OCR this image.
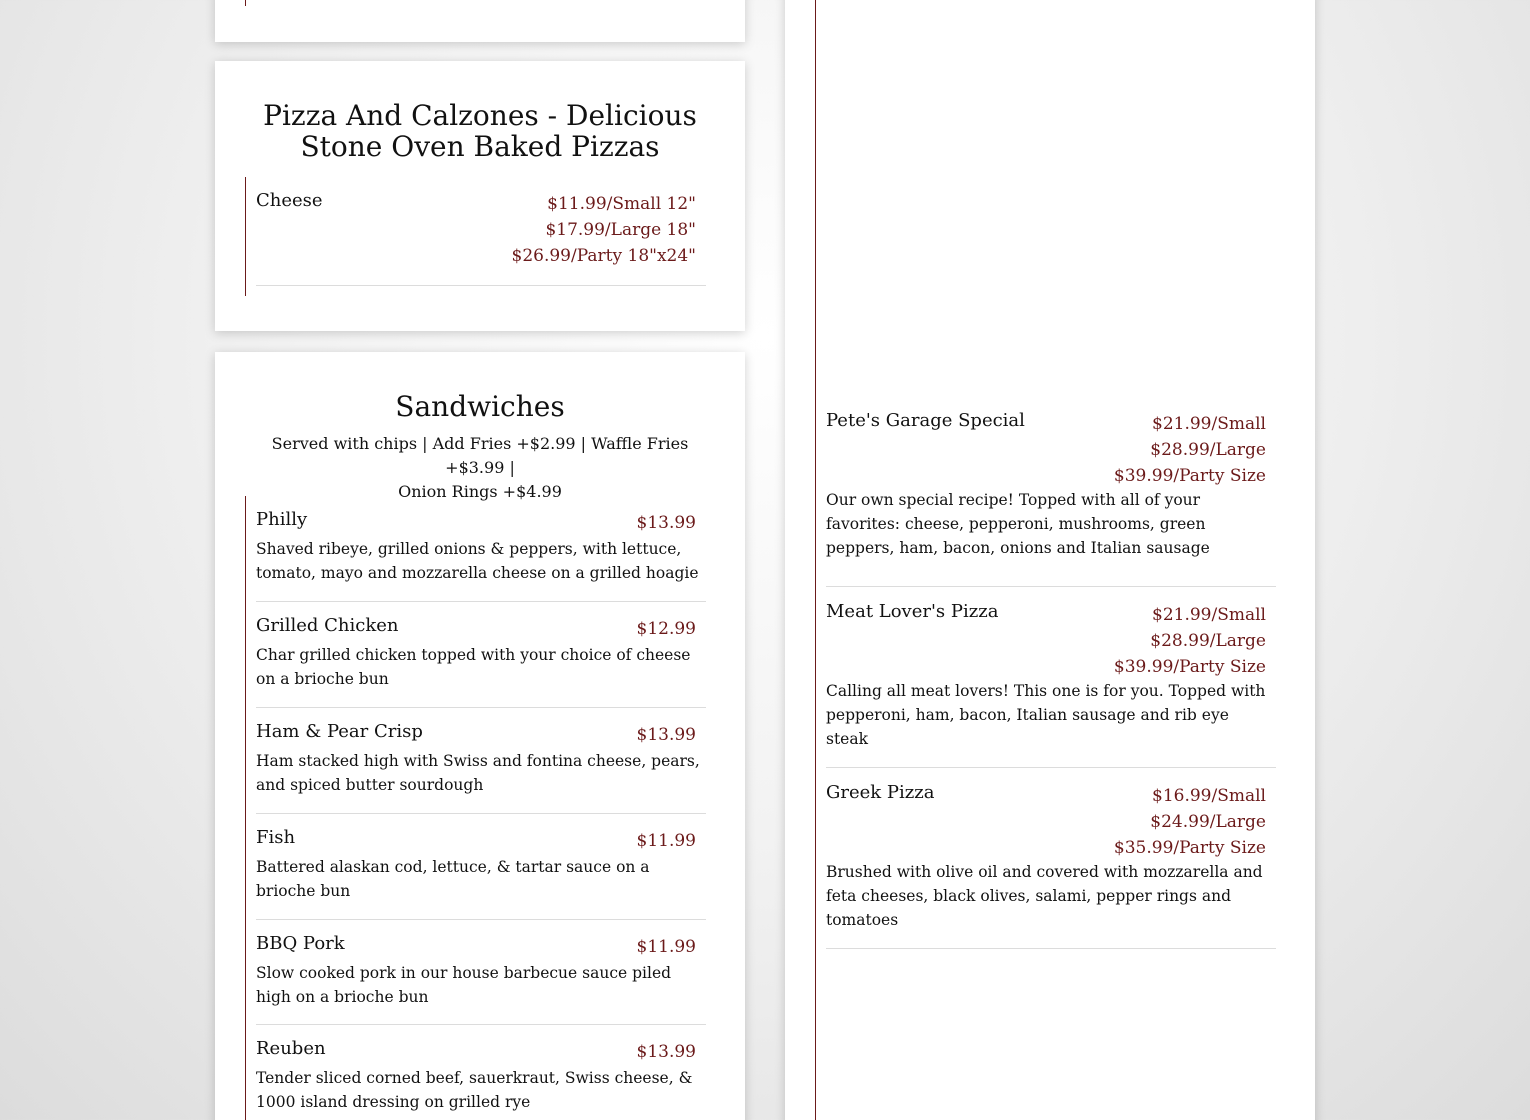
Pizza And Calzones - Delicious
Stone Oven Baked Pizzas
Cheese	$11.99/Small 12"
$17.99/Large 18"
$26.99/Party 18"x24"
Sandwiches
Served with chips | Add Fries +$2.99 | Waffle Fries +$3.99 |
Onion Rings +$4.99
Philly	$13.99
Shaved ribeye, grilled onions & peppers, with lettuce,
tomato, mayo and mozzarella cheese on a grilled hoagie
Grilled Chicken	$12.99
Char grilled chicken topped with your choice of cheese
on a brioche bun
Ham & Pear Crisp	$13.99
Ham stacked high with Swiss and fontina cheese, pears,
and spiced butter sourdough
Fish	$11.99
Battered alaskan cod, lettuce, & tartar sauce on a
brioche bun
BBQ Pork	$11.99
Slow cooked pork in our house barbecue sauce piled
high on a brioche bun
Reuben	$13.99
Tender sliced corned beef, sauerkraut, Swiss cheese, &
1000 island dressing on grilled rye
Pete's Garage Special	$21.99/Small
$28.99/Large
$39.99/Party Size
Our own special recipe! Topped with all of your
favorites: cheese, pepperoni, mushrooms, green
peppers, ham, bacon, onions and Italian sausage
Meat Lover's Pizza	$21.99/Small
$28.99/Large
$39.99/Party Size
Calling all meat lovers! This one is for you. Topped with
pepperoni, ham, bacon, Italian sausage and rib eye
steak
Greek Pizza	$16.99/Small
$24.99/Large
$35.99/Party Size
Brushed with olive oil and covered with mozzarella and
feta cheeses, black olives, salami, pepper rings and
tomatoes
